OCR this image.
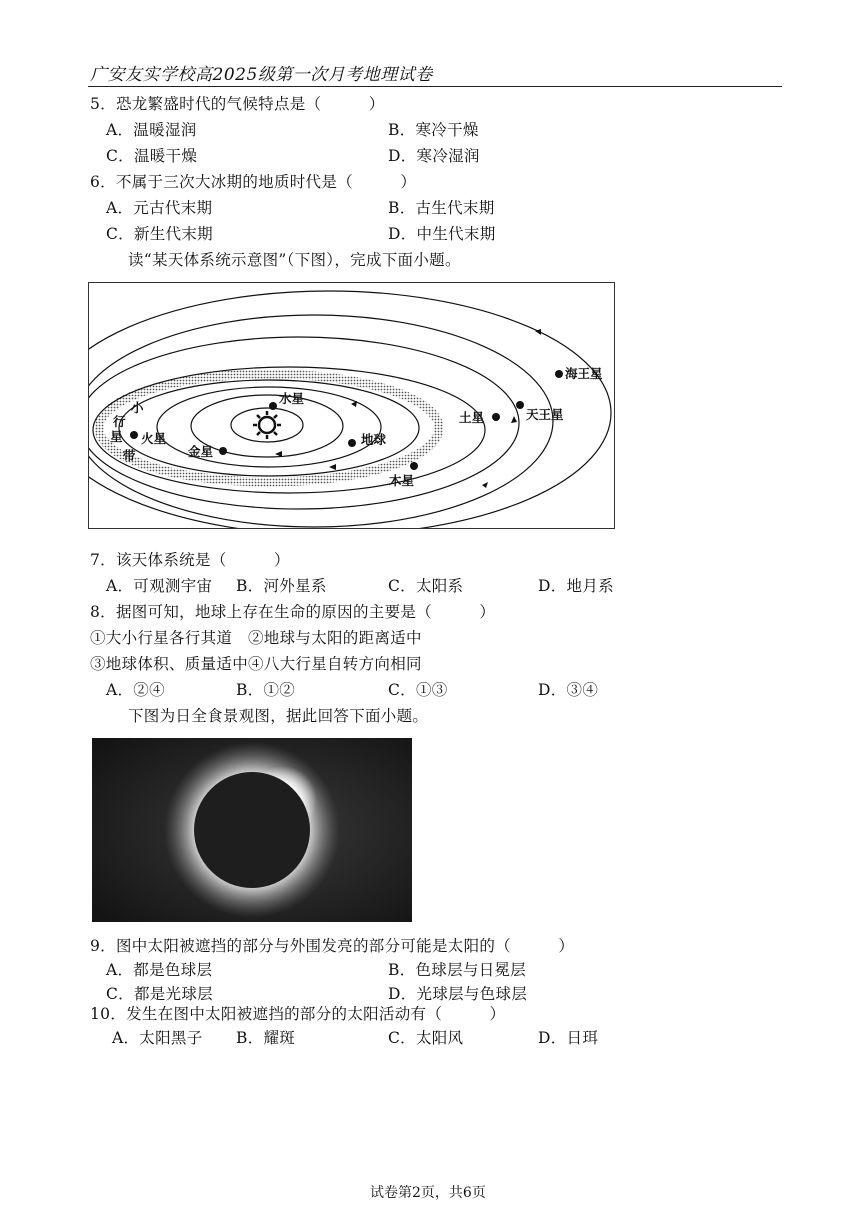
广安友实学校高2025级第一次月考地理试卷
5．恐龙繁盛时代的气候特点是（　　　）
A．温暖湿润	B．寒冷干燥
C．温暖干燥	D．寒冷湿润
6．不属于三次大冰期的地质时代是（　　　）
A．元古代末期	B．古生代末期
C．新生代末期	D．中生代末期
读“某天体系统示意图”（下图），完成下面小题。
水星
金星
地球
火星
木星
土星	天王星
海王星
小
行
星
带
7．该天体系统是（　　　）
A．可观测宇宙 B．河外星系	C．太阳系	D．地月系
8．据图可知，地球上存在生命的原因的主要是（　　　）
①大小行星各行其道　②地球与太阳的距离适中
③地球体积、质量适中④八大行星自转方向相同
A．②④	B．①②	C．①③	D．③④
下图为日全食景观图，据此回答下面小题。
9．图中太阳被遮挡的部分与外围发亮的部分可能是太阳的（　　　）
A．都是色球层	B．色球层与日冕层
C．都是光球层	D．光球层与色球层
10．发生在图中太阳被遮挡的部分的太阳活动有（　　　）
A．太阳黑子 B．耀斑	C．太阳风	D．日珥
试卷第2页，共6页
